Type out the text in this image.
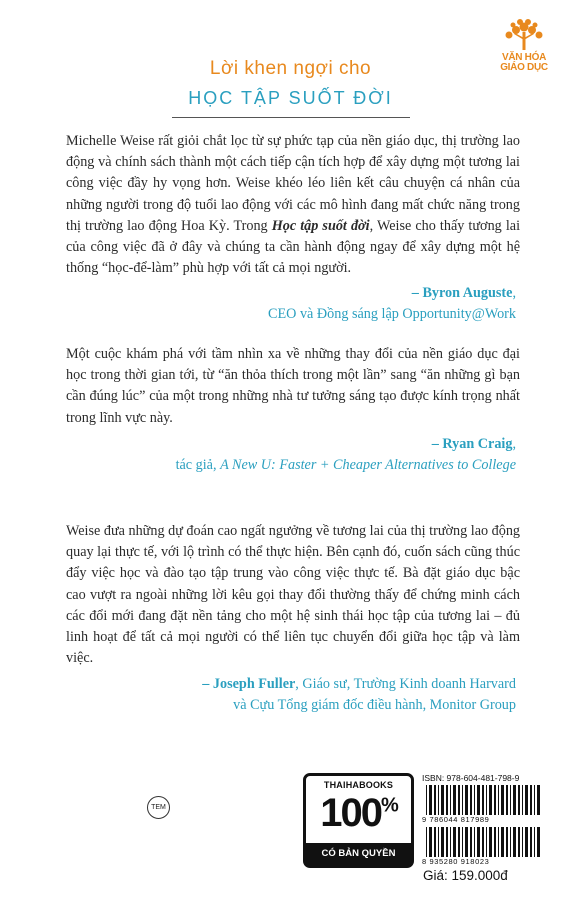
VĂN HÓA
GIÁO DỤC
Lời khen ngợi cho
HỌC TẬP SUỐT ĐỜI
Michelle Weise rất giỏi chắt lọc từ sự phức tạp của nền giáo dục, thị trường lao động và chính sách thành một cách tiếp cận tích hợp để xây dựng một tương lai công việc đầy hy vọng hơn. Weise khéo léo liên kết câu chuyện cá nhân của những người trong độ tuổi lao động với các mô hình đang mất chức năng trong thị trường lao động Hoa Kỳ. Trong Học tập suốt đời, Weise cho thấy tương lai của công việc đã ở đây và chúng ta cần hành động ngay để xây dựng một hệ thống “học-để-làm” phù hợp với tất cả mọi người.
– Byron Auguste,
CEO và Đồng sáng lập Opportunity@Work
Một cuộc khám phá với tầm nhìn xa về những thay đổi của nền giáo dục đại học trong thời gian tới, từ “ăn thỏa thích trong một lần” sang “ăn những gì bạn cần đúng lúc” của một trong những nhà tư tưởng sáng tạo được kính trọng nhất trong lĩnh vực này.
– Ryan Craig,
tác giả, A New U: Faster + Cheaper Alternatives to College
Weise đưa những dự đoán cao ngất ngưởng về tương lai của thị trường lao động quay lại thực tế, với lộ trình có thể thực hiện. Bên cạnh đó, cuốn sách cũng thúc đẩy việc học và đào tạo tập trung vào công việc thực tế. Bà đặt giáo dục bậc cao vượt ra ngoài những lời kêu gọi thay đổi thường thấy để chứng minh cách các đổi mới đang đặt nền tảng cho một hệ sinh thái học tập của tương lai – đủ linh hoạt để tất cả mọi người có thể liên tục chuyển đổi giữa học tập và làm việc.
– Joseph Fuller, Giáo sư, Trường Kinh doanh Harvard
và Cựu Tổng giám đốc điều hành, Monitor Group
TEM
THAIHABOOKS
100%
CÓ BẢN QUYỀN
ISBN: 978-604-481-798-9
9 786044 817989
8 935280 918023
Giá: 159.000đ
